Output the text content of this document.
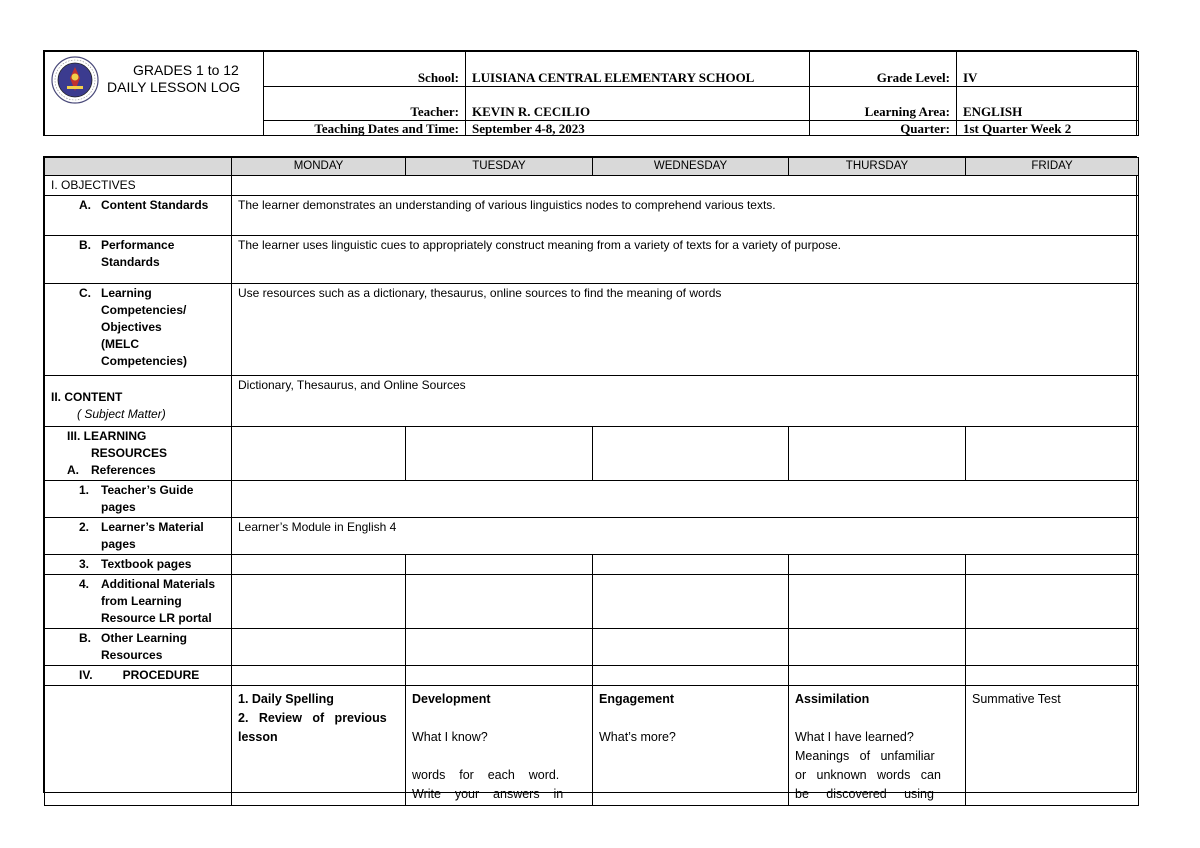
GRADES 1 to 12
DAILY LESSON LOG	School:	LUISIANA CENTRAL ELEMENTARY SCHOOL	Grade Level:	IV
	Teacher:	KEVIN R. CECILIO	Learning Area:	ENGLISH
	Teaching Dates and Time:	September 4-8, 2023	Quarter:	1st Quarter Week 2
	MONDAY	TUESDAY	WEDNESDAY	THURSDAY	FRIDAY
I. OBJECTIVES					
A. Content Standards	The learner demonstrates an understanding of various linguistics nodes to comprehend various texts.				
B. Performance
Standards	The learner uses linguistic cues to appropriately construct meaning from a variety of texts for a variety of purpose.				
C. Learning
Competencies/
Objectives
(MELC
Competencies)	Use resources such as a dictionary, thesaurus, online sources to find the meaning of words				
II. CONTENT
( Subject Matter)	Dictionary, Thesaurus, and Online Sources				
III. LEARNING
RESOURCES
A. References					
1. Teacher’s Guide
pages					
2. Learner’s Material
pages	Learner’s Module in English 4				
3. Textbook pages					
4. Additional Materials
from Learning
Resource LR portal					
B. Other Learning
Resources					
IV.         PROCEDURE					
	1. Daily Spelling
2.   Review   of   previous
lesson	Development

What I know?

words    for    each    word.
Write    your    answers    in	Engagement

What’s more?	Assimilation

What I have learned?
Meanings   of   unfamiliar
or   unknown   words   can
be     discovered     using	Summative Test
